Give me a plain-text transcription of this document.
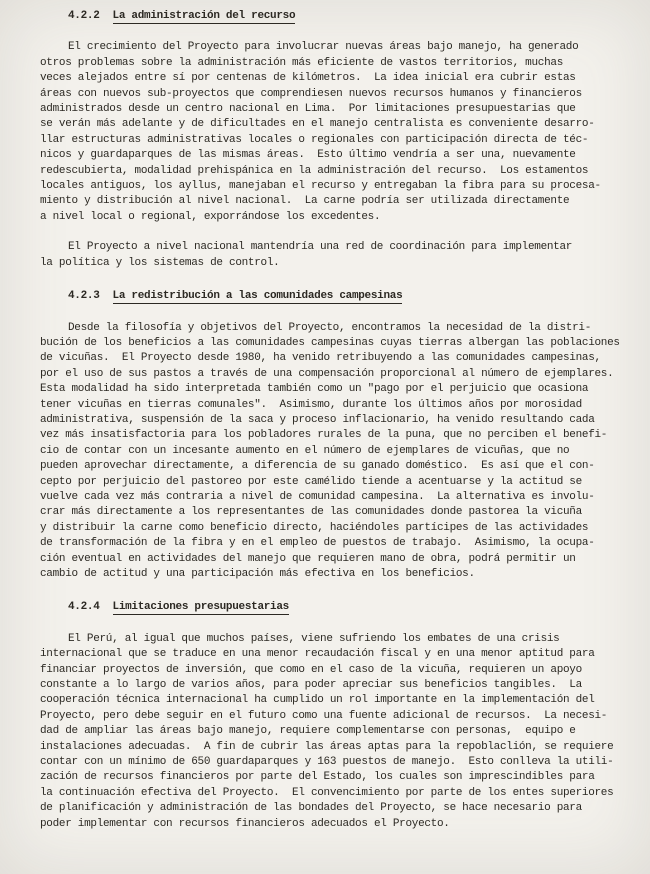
4.2.2 La administración del recurso
El crecimiento del Proyecto para involucrar nuevas áreas bajo manejo, ha generado
otros problemas sobre la administración más eficiente de vastos territorios, muchas
veces alejados entre sí por centenas de kilómetros.  La idea inicial era cubrir estas
áreas con nuevos sub-proyectos que comprendiesen nuevos recursos humanos y financieros
administrados desde un centro nacional en Lima.  Por limitaciones presupuestarias que
se verán más adelante y de dificultades en el manejo centralista es conveniente desarro-
llar estructuras administrativas locales o regionales con participación directa de téc-
nicos y guardaparques de las mismas áreas.  Esto último vendría a ser una, nuevamente
redescubierta, modalidad prehispánica en la administración del recurso.  Los estamentos
locales antiguos, los ayllus, manejaban el recurso y entregaban la fibra para su procesa-
miento y distribución al nivel nacional.  La carne podría ser utilizada directamente
a nivel local o regional, exporrándose los excedentes.
El Proyecto a nivel nacional mantendría una red de coordinación para implementar
la política y los sistemas de control.
4.2.3 La redistribución a las comunidades campesinas
Desde la filosofía y objetivos del Proyecto, encontramos la necesidad de la distri-
bución de los beneficios a las comunidades campesinas cuyas tierras albergan las poblaciones
de vicuñas.  El Proyecto desde 1980, ha venido retribuyendo a las comunidades campesinas,
por el uso de sus pastos a través de una compensación proporcional al número de ejemplares.
Esta modalidad ha sido interpretada también como un "pago por el perjuicio que ocasiona
tener vicuñas en tierras comunales".  Asimismo, durante los últimos años por morosidad
administrativa, suspensión de la saca y proceso inflacionario, ha venido resultando cada
vez más insatisfactoria para los pobladores rurales de la puna, que no perciben el benefi-
cio de contar con un incesante aumento en el número de ejemplares de vicuñas, que no
pueden aprovechar directamente, a diferencia de su ganado doméstico.  Es así que el con-
cepto por perjuicio del pastoreo por este camélido tiende a acentuarse y la actitud se
vuelve cada vez más contraria a nivel de comunidad campesina.  La alternativa es involu-
crar más directamente a los representantes de las comunidades donde pastorea la vicuña
y distribuir la carne como beneficio directo, haciéndoles partícipes de las actividades
de transformación de la fibra y en el empleo de puestos de trabajo.  Asimismo, la ocupa-
ción eventual en actividades del manejo que requieren mano de obra, podrá permitir un
cambio de actitud y una participación más efectiva en los beneficios.
4.2.4 Limitaciones presupuestarias
El Perú, al igual que muchos países, viene sufriendo los embates de una crisis
internacional que se traduce en una menor recaudación fiscal y en una menor aptitud para
financiar proyectos de inversión, que como en el caso de la vicuña, requieren un apoyo
constante a lo largo de varios años, para poder apreciar sus beneficios tangibles.  La
cooperación técnica internacional ha cumplido un rol importante en la implementación del
Proyecto, pero debe seguir en el futuro como una fuente adicional de recursos.  La necesi-
dad de ampliar las áreas bajo manejo, requiere complementarse con personas,  equipo e
instalaciones adecuadas.  A fin de cubrir las áreas aptas para la repoblaclión, se requiere
contar con un mínimo de 650 guardaparques y 163 puestos de manejo.  Esto conlleva la utili-
zación de recursos financieros por parte del Estado, los cuales son imprescindibles para
la continuación efectiva del Proyecto.  El convencimiento por parte de los entes superiores
de planificación y administración de las bondades del Proyecto, se hace necesario para
poder implementar con recursos financieros adecuados el Proyecto.
